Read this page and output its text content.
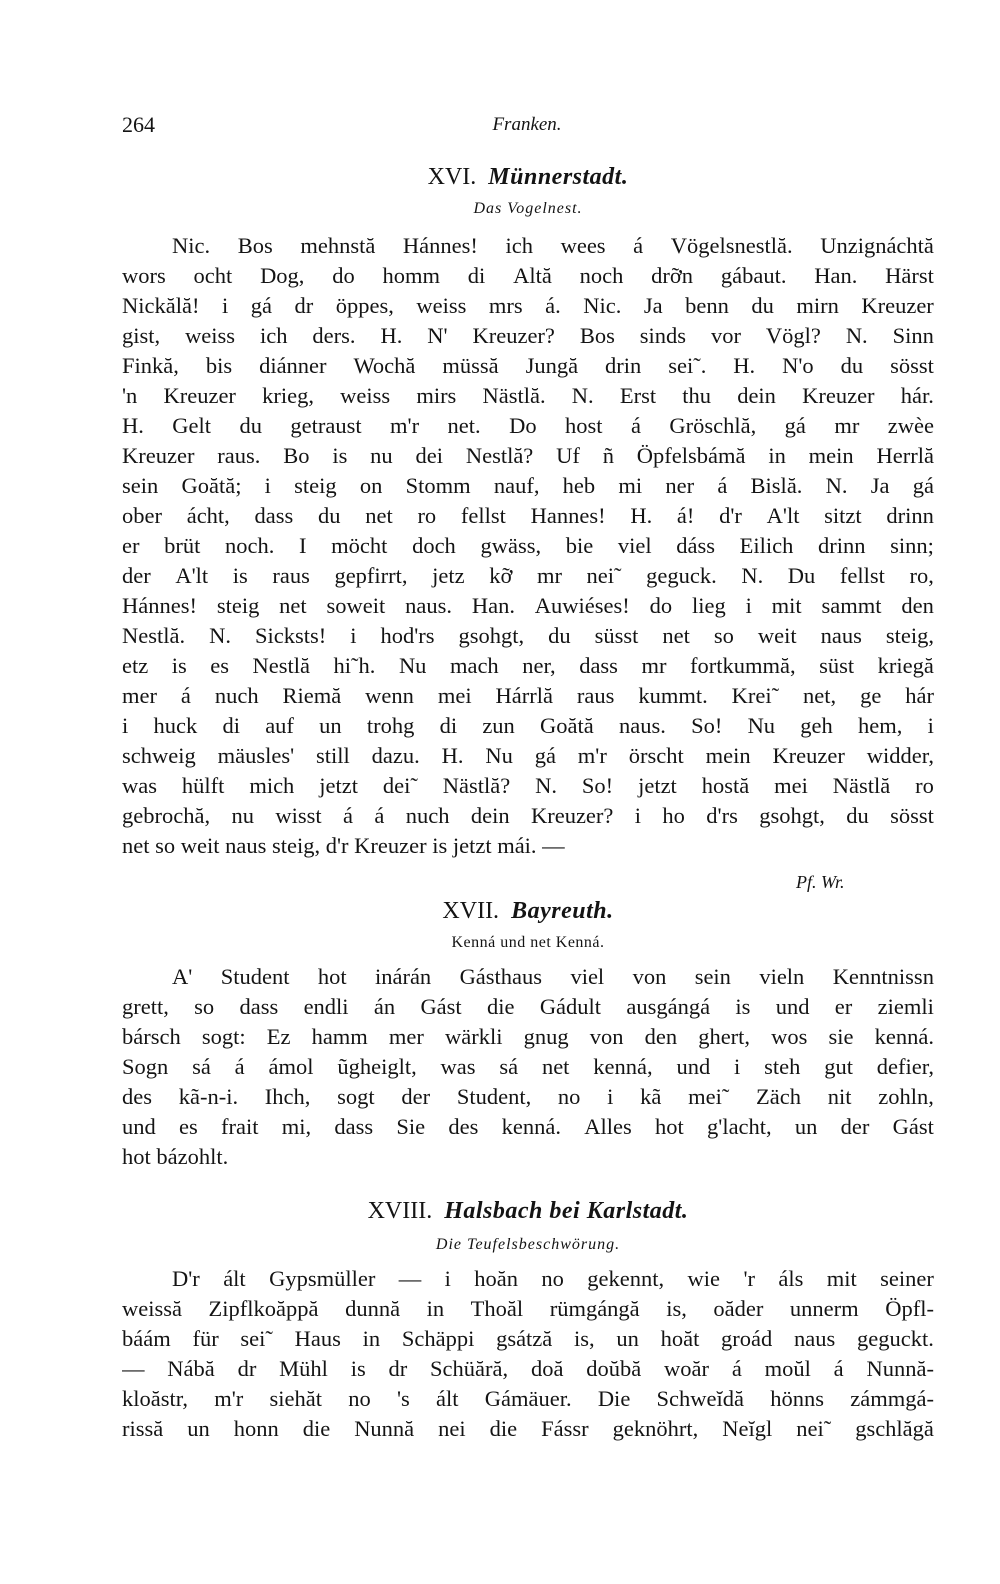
264	Franken.
XVI. Münnerstadt.
Das Vogelnest.
Nic. Bos mehnstă Hánnes! ich wees á Vögelsnestlă. Unzignáchtă
wors ocht Dog, do homm di Altă noch drỡn gábaut. Han. Härst
Nickălă! i gá dr öppes, weiss mrs á. Nic. Ja benn du mirn Kreuzer
gist, weiss ich ders. H. N' Kreuzer? Bos sinds vor Vögl? N. Sinn
Finkă, bis diánner Wochă müssă Jungă drin sei˜. H. N'o du sösst
'n Kreuzer krieg, weiss mirs Nästlă. N. Erst thu dein Kreuzer hár.
H. Gelt du getraust m'r net. Do host á Gröschlă, gá mr zwèe
Kreuzer raus. Bo is nu dei Nestlă? Uf ñ Öpfelsbámă in mein Herrlă
sein Goătă; i steig on Stomm nauf, heb mi ner á Bislă. N. Ja gá
ober ácht, dass du net ro fellst Hannes! H. á! d'r A'lt sitzt drinn
er brüt noch. I möcht doch gwäss, bie viel dáss Eilich drinn sinn;
der A'lt is raus gepfirrt, jetz kỡ mr nei˜ geguck. N. Du fellst ro,
Hánnes! steig net soweit naus. Han. Auwiéses! do lieg i mit sammt den
Nestlă. N. Sicksts! i hod'rs gsohgt, du süsst net so weit naus steig,
etz is es Nestlă hi˜h. Nu mach ner, dass mr fortkummă, süst kriegă
mer á nuch Riemă wenn mei Hárrlă raus kummt. Krei˜ net, ge hár
i huck di auf un trohg di zun Goătă naus. So! Nu geh hem, i
schweig mäusles' still dazu. H. Nu gá m'r örscht mein Kreuzer widder,
was hülft mich jetzt dei˜ Nästlă? N. So! jetzt hostă mei Nästlă ro
gebrochă, nu wisst á á nuch dein Kreuzer? i ho d'rs gsohgt, du sösst
net so weit naus steig, d'r Kreuzer is jetzt mái. —
Pf. Wr.
XVII. Bayreuth.
Kenná und net Kenná.
A' Student hot inárán Gásthaus viel von sein vieln Kenntnissn
grett, so dass endli án Gást die Gádult ausgángá is und er ziemli
bársch sogt: Ez hamm mer wärkli gnug von den ghert, wos sie kenná.
Sogn sá á ámol ũgheiglt, was sá net kenná, und i steh gut defier,
des kã-n-i. Ihch, sogt der Student, no i kã mei˜ Zäch nit zohln,
und es frait mi, dass Sie des kenná. Alles hot g'lacht, un der Gást
hot bázohlt.
XVIII. Halsbach bei Karlstadt.
Die Teufelsbeschwörung.
D'r ált Gypsmüller — i hoăn no gekennt, wie 'r áls mit seiner
weissă Zipflkoăppă dunnă in Thoăl rümgángă is, oăder unnerm Öpfl-
báám für sei˜ Haus in Schäppi gsátză is, un hoăt groád naus geguckt.
— Nábă dr Mühl is dr Schüără, doă doŭbă woăr á moŭl á Nunnă-
kloăstr, m'r siehăt no 's ált Gámäuer. Die Schweĭdă hönns zámmgá-
rissă un honn die Nunnă nei die Fássr geknöhrt, Neĭgl nei˜ gschlăgă
